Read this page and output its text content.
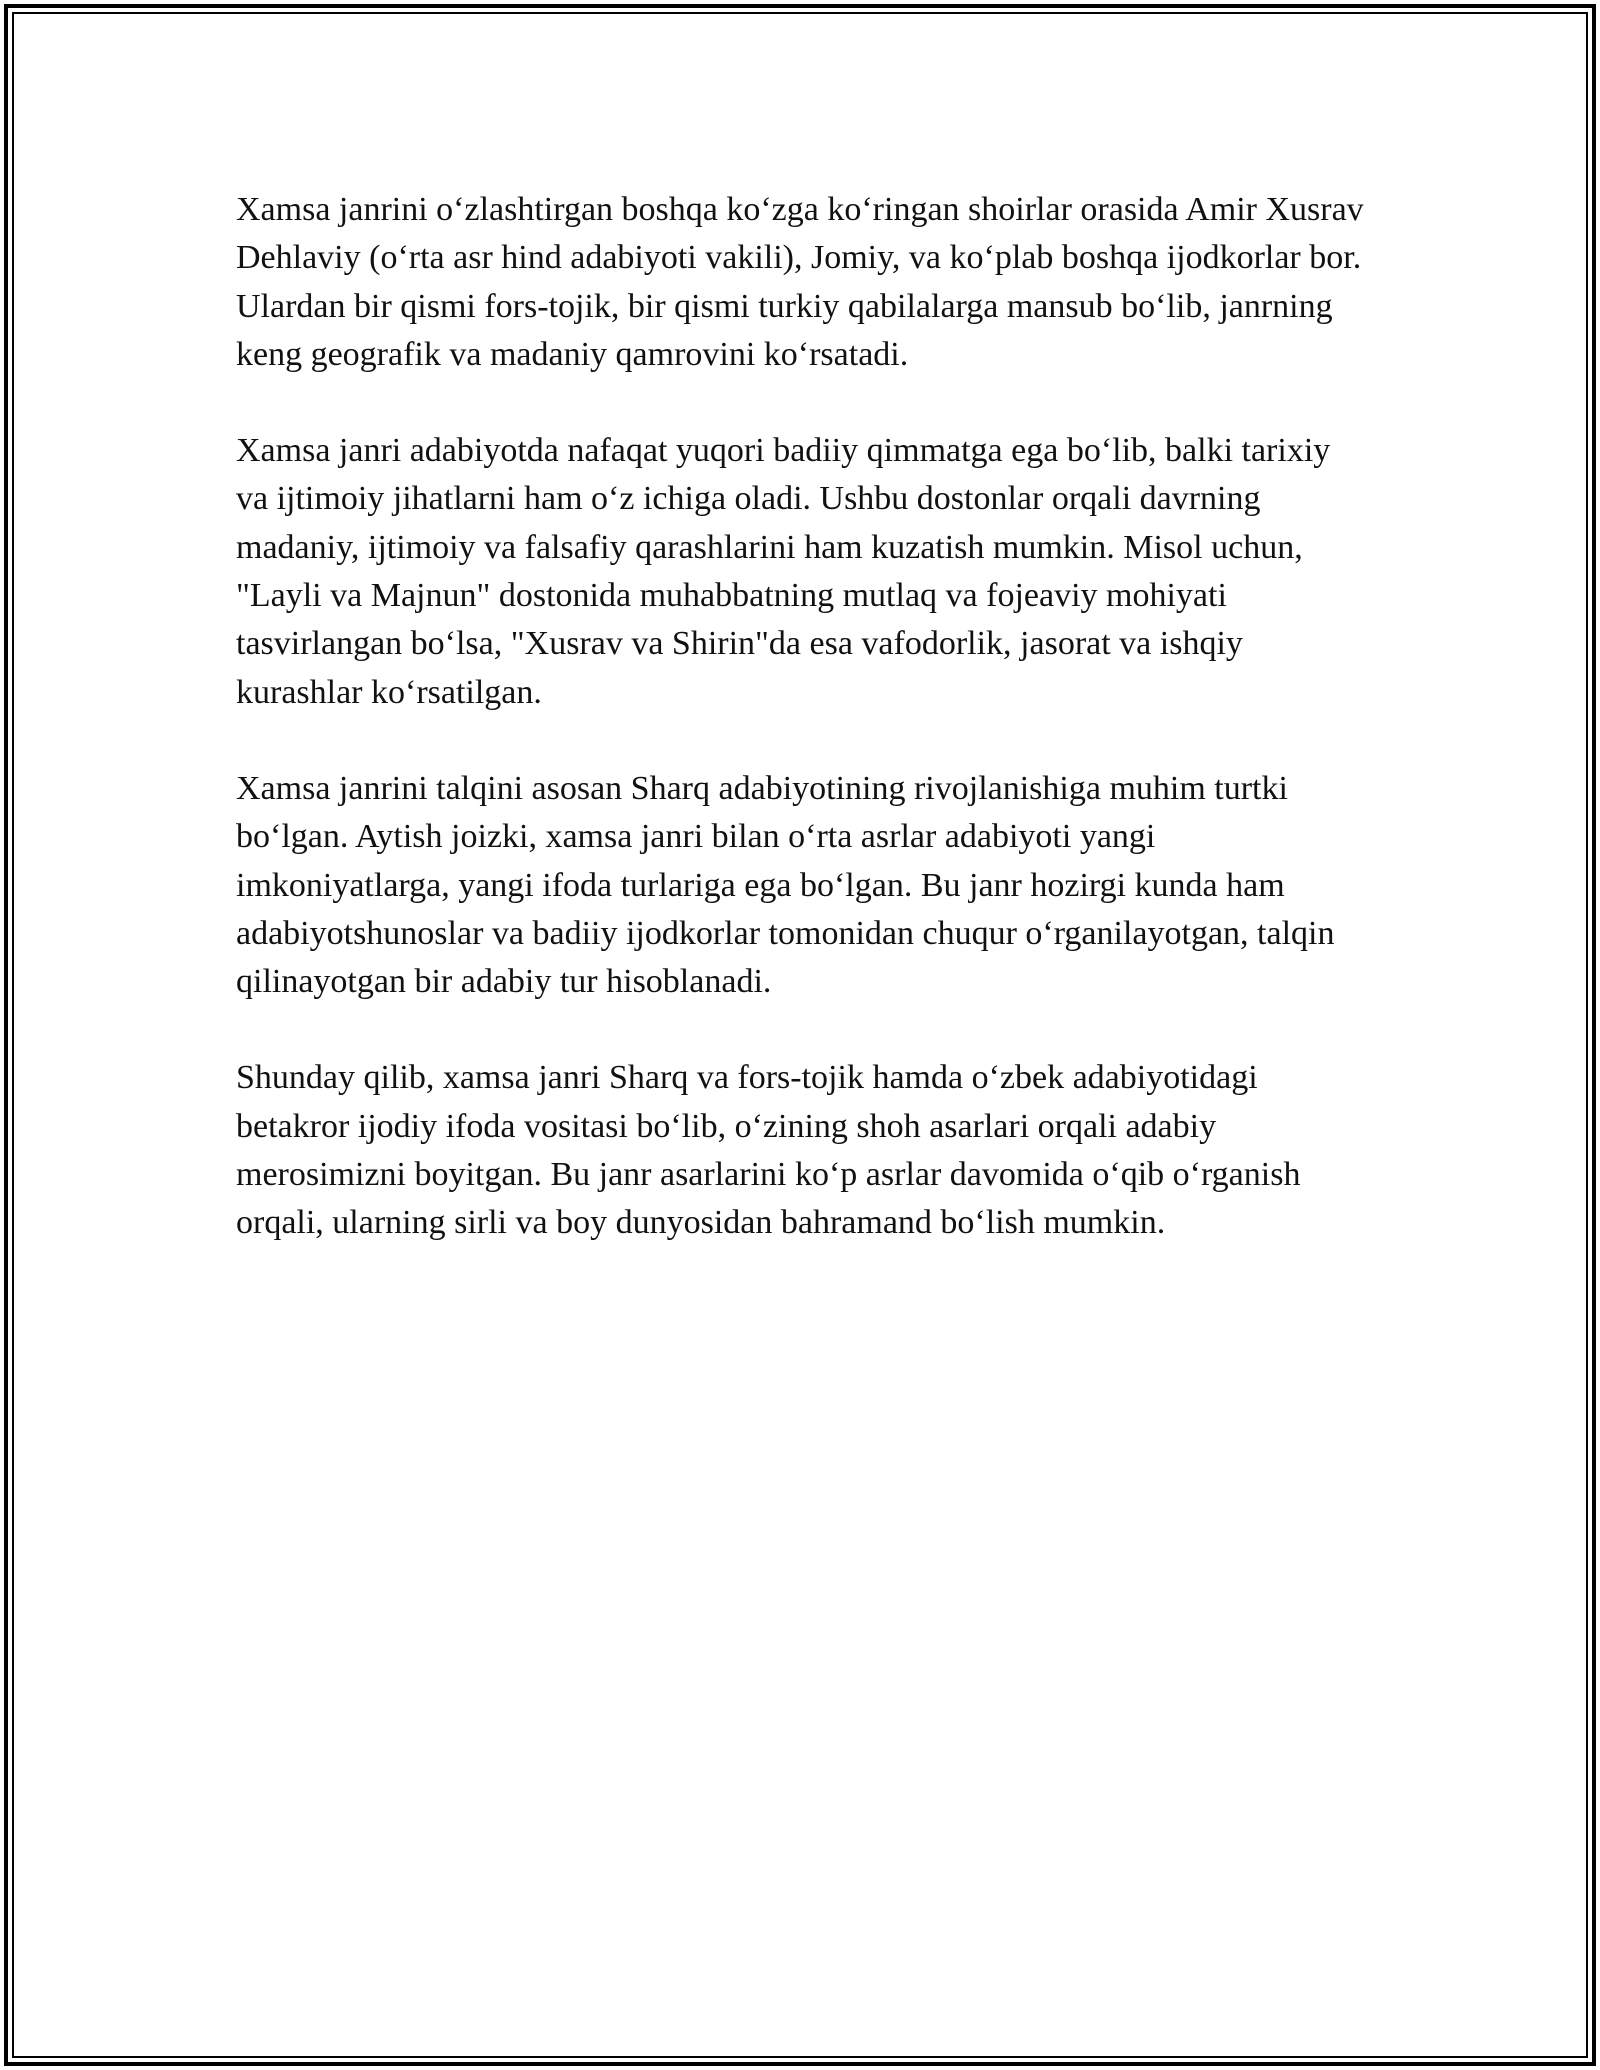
Xamsa janrini oʻzlashtirgan boshqa koʻzga koʻringan shoirlar orasida Amir Xusrav Dehlaviy (oʻrta asr hind adabiyoti vakili), Jomiy, va koʻplab boshqa ijodkorlar bor. Ulardan bir qismi fors-tojik, bir qismi turkiy qabilalarga mansub boʻlib, janrning keng geografik va madaniy qamrovini koʻrsatadi.

Xamsa janri adabiyotda nafaqat yuqori badiiy qimmatga ega boʻlib, balki tarixiy va ijtimoiy jihatlarni ham oʻz ichiga oladi. Ushbu dostonlar orqali davrning madaniy, ijtimoiy va falsafiy qarashlarini ham kuzatish mumkin. Misol uchun, "Layli va Majnun" dostonida muhabbatning mutlaq va fojeaviy mohiyati tasvirlangan boʻlsa, "Xusrav va Shirin"da esa vafodorlik, jasorat va ishqiy kurashlar koʻrsatilgan.

Xamsa janrini talqini asosan Sharq adabiyotining rivojlanishiga muhim turtki boʻlgan. Aytish joizki, xamsa janri bilan oʻrta asrlar adabiyoti yangi imkoniyatlarga, yangi ifoda turlariga ega boʻlgan. Bu janr hozirgi kunda ham adabiyotshunoslar va badiiy ijodkorlar tomonidan chuqur oʻrganilayotgan, talqin qilinayotgan bir adabiy tur hisoblanadi.

Shunday qilib, xamsa janri Sharq va fors-tojik hamda oʻzbek adabiyotidagi betakror ijodiy ifoda vositasi boʻlib, oʻzining shoh asarlari orqali adabiy merosimizni boyitgan. Bu janr asarlarini koʻp asrlar davomida oʻqib oʻrganish orqali, ularning sirli va boy dunyosidan bahramand boʻlish mumkin.
